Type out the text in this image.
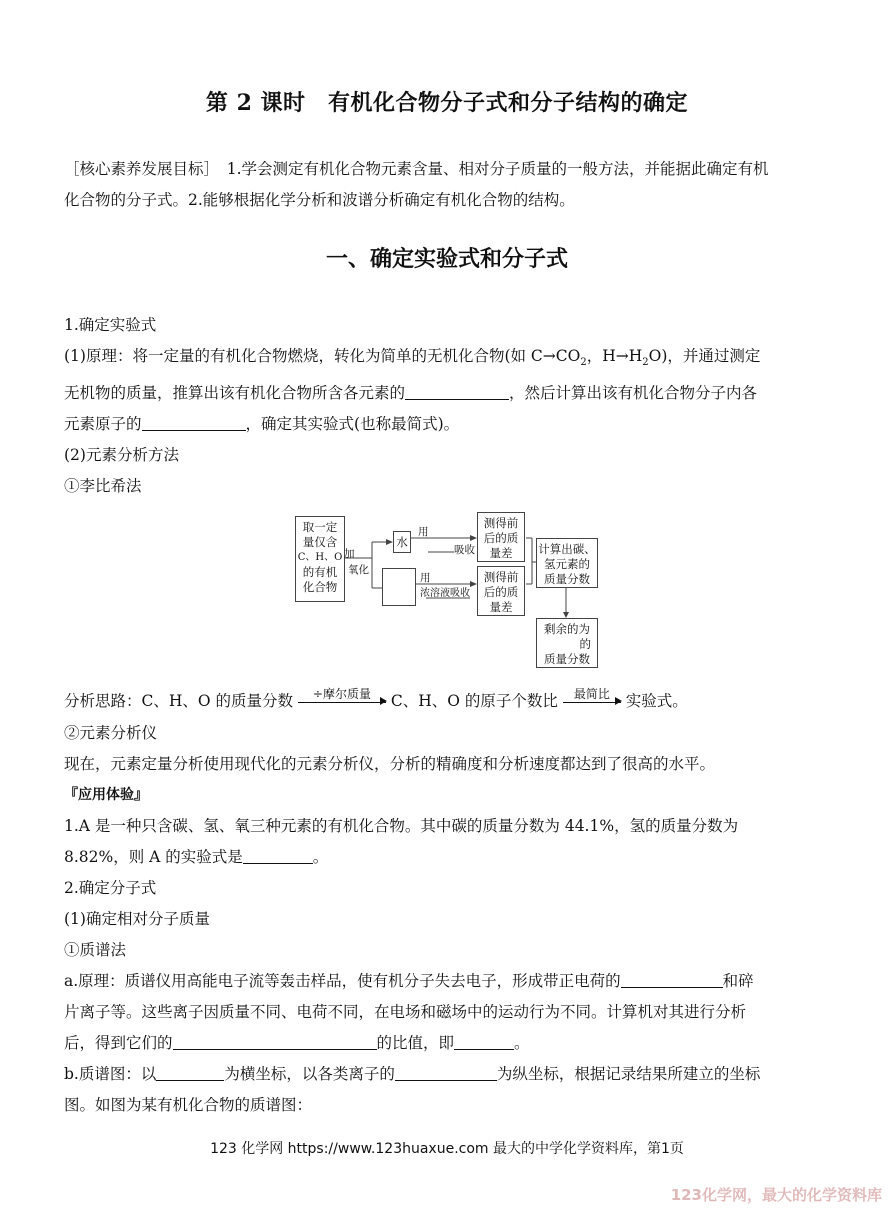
第 2 课时　有机化合物分子式和分子结构的确定
［核心素养发展目标］　1.学会测定有机化合物元素含量、相对分子质量的一般方法，并能据此确定有机
化合物的分子式。2.能够根据化学分析和波谱分析确定有机化合物的结构。
一、确定实验式和分子式
1.确定实验式
(1)原理：将一定量的有机化合物燃烧，转化为简单的无机化合物(如 $C\to CO_2$，$H\to H_2O$)，并通过测定
无机物的质量，推算出该有机化合物所含各元素的	，然后计算出该有机化合物分子内各
元素原子的	，确定其实验式(也称最简式)。
(2)元素分析方法
①李比希法
取一定
量仅含
C、H、O
的有机
化合物
加
氧化
水
用
吸收
用
浓溶液吸收
测得前
后的质
量差
测得前
后的质
量差
计算出碳、
氢元素的
质量分数
剩余的为
的
质量分数
分析思路：C、H、O 的质量分数	÷摩尔质量	C、H、O 的原子个数比	最简比	实验式。
②元素分析仪
现在，元素定量分析使用现代化的元素分析仪，分析的精确度和分析速度都达到了很高的水平。
『应用体验』
1.A 是一种只含碳、氢、氧三种元素的有机化合物。其中碳的质量分数为 44.1%，氢的质量分数为
8.82%，则 A 的实验式是	。
2.确定分子式
(1)确定相对分子质量
①质谱法
a.原理：质谱仪用高能电子流等轰击样品，使有机分子失去电子，形成带正电荷的	和碎
片离子等。这些离子因质量不同、电荷不同，在电场和磁场中的运动行为不同。计算机对其进行分析
后，得到它们的	的比值，即	。
b.质谱图：以	为横坐标，以各类离子的	为纵坐标，根据记录结果所建立的坐标
图。如图为某有机化合物的质谱图：
123 化学网 https://www.123huaxue.com 最大的中学化学资料库，第1页
123化学网，最大的化学资料库
